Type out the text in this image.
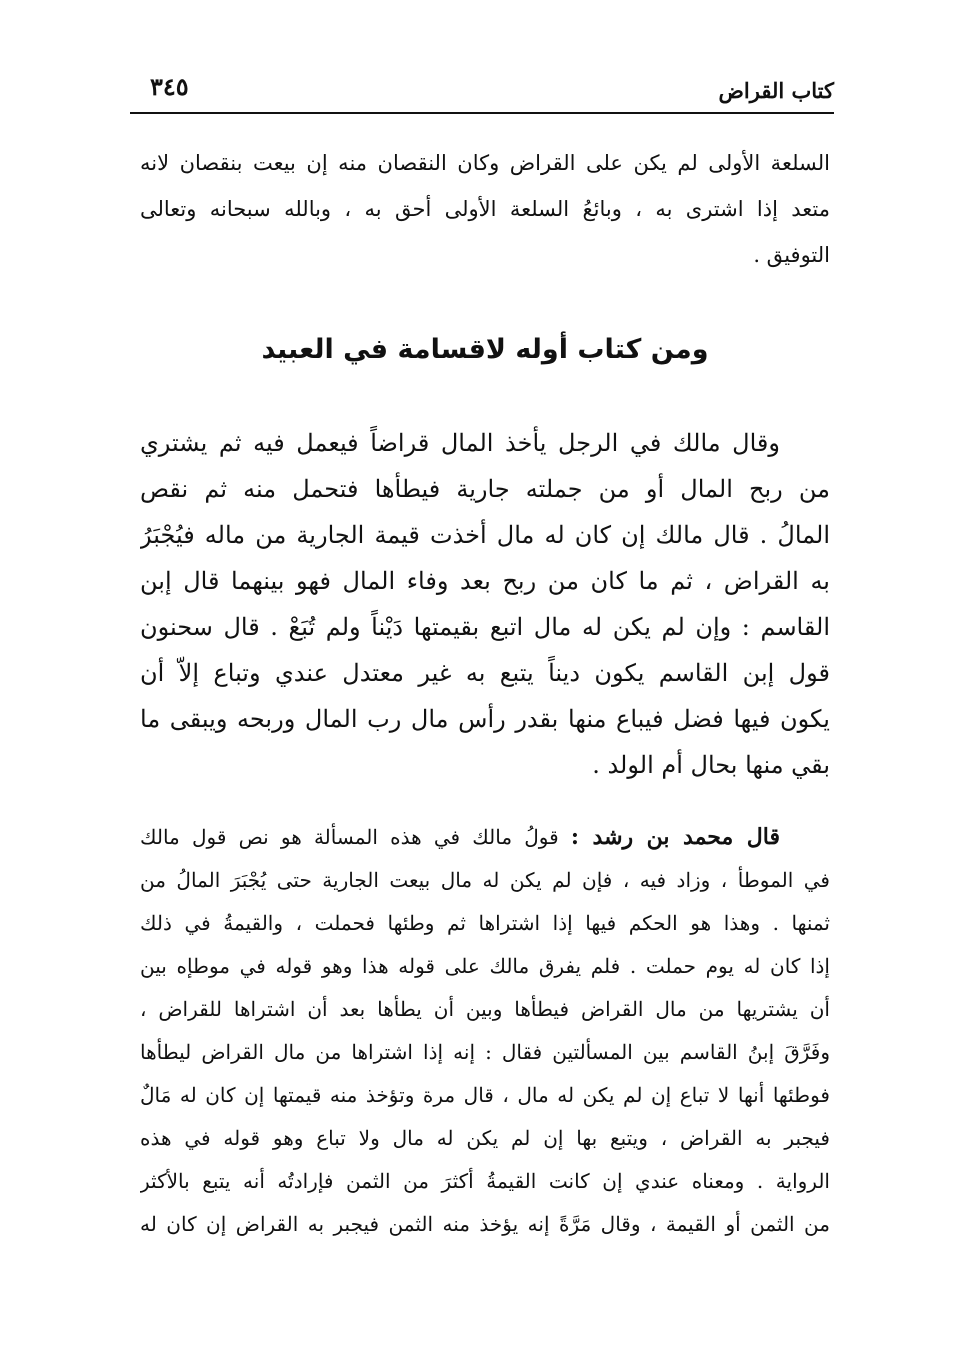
كتاب القراض
٣٤٥
السلعة الأولى لم يكن على القراض وكان النقصان منه إن بيعت بنقصان لانه
متعد إذا اشترى به ، وبائعُ السلعة الأولى أحق به ، وبالله سبحانه وتعالى
التوفيق .
ومن كتاب أوله لاقسامة في العبيد
وقال مالك في الرجل يأخذ المال قراضاً فيعمل فيه ثم يشتري
من ربح المال أو من جملته جارية فيطأها فتحمل منه ثم نقص
المالُ . قال مالك إن كان له مال أخذت قيمة الجارية من ماله فيُجْبَرُ
به القراض ، ثم ما كان من ربح بعد وفاء المال فهو بينهما قال إبن
القاسم : وإن لم يكن له مال اتبع بقيمتها دَيْناً ولم تُبَعْ . قال سحنون
قول إبن القاسم يكون ديناً يتبع به غير معتدل عندي وتباع إلاّ أن
يكون فيها فضل فيباع منها بقدر رأس مال رب المال وربحه ويبقى ما
بقي منها بحال أم الولد .
قال محمد بن رشد : قولُ مالك في هذه المسألة هو نص قول مالك
في الموطأ ، وزاد فيه ، فإن لم يكن له مال بيعت الجارية حتى يُجْبَرَ المالُ من
ثمنها . وهذا هو الحكم فيها إذا اشتراها ثم وطئها فحملت ، والقيمةُ في ذلك
إذا كان له يوم حملت . فلم يفرق مالك على قوله هذا وهو قوله في موطإه بين
أن يشتريها من مال القراض فيطأها وبين أن يطأها بعد أن اشتراها للقراض ،
وفَرَّقَ إبنُ القاسم بين المسألتين فقال : إنه إذا اشتراها من مال القراض ليطأها
فوطئها أنها لا تباع إن لم يكن له مال ، قال مرة وتؤخذ منه قيمتها إن كان له مَالٌ
فيجبر به القراض ، ويتبع بها إن لم يكن له مال ولا تباع وهو قوله في هذه
الرواية . ومعناه عندي إن كانت القيمةُ أكثرَ من الثمن فإرادتُه أنه يتبع بالأكثر
من الثمن أو القيمة ، وقال مَرَّةً إنه يؤخذ منه الثمن فيجبر به القراض إن كان له
